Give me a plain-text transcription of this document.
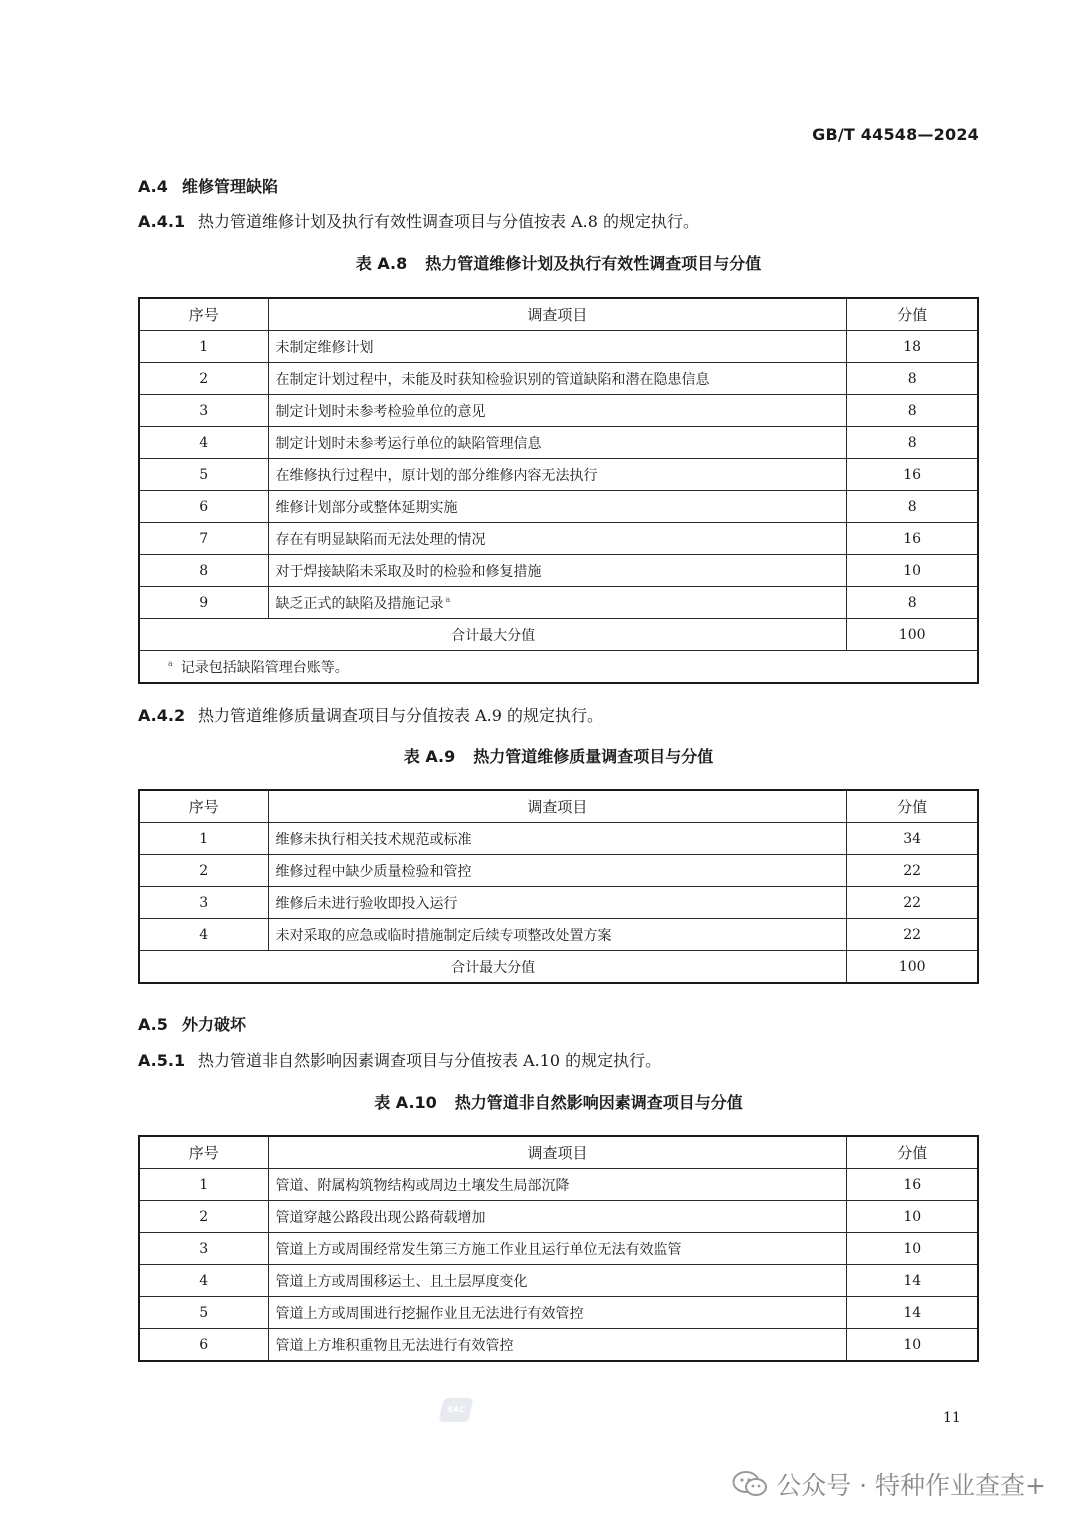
GB/T 44548—2024
A.4 维修管理缺陷
A.4.1 热力管道维修计划及执行有效性调查项目与分值按表 A.8 的规定执行。
表 A.8 热力管道维修计划及执行有效性调查项目与分值
序号	调查项目	分值
1	未制定维修计划	18
2	在制定计划过程中，未能及时获知检验识别的管道缺陷和潜在隐患信息	8
3	制定计划时未参考检验单位的意见	8
4	制定计划时未参考运行单位的缺陷管理信息	8
5	在维修执行过程中，原计划的部分维修内容无法执行	16
6	维修计划部分或整体延期实施	8
7	存在有明显缺陷而无法处理的情况	16
8	对于焊接缺陷未采取及时的检验和修复措施	10
9	缺乏正式的缺陷及措施记录 $^a$	8
合计最大分值		100
$^a$ 记录包括缺陷管理台账等。		
A.4.2 热力管道维修质量调查项目与分值按表 A.9 的规定执行。
表 A.9 热力管道维修质量调查项目与分值
序号	调查项目	分值
1	维修未执行相关技术规范或标准	34
2	维修过程中缺少质量检验和管控	22
3	维修后未进行验收即投入运行	22
4	未对采取的应急或临时措施制定后续专项整改处置方案	22
合计最大分值		100
A.5 外力破坏
A.5.1 热力管道非自然影响因素调查项目与分值按表 A.10 的规定执行。
表 A.10 热力管道非自然影响因素调查项目与分值
序号	调查项目	分值
1	管道、附属构筑物结构或周边土壤发生局部沉降	16
2	管道穿越公路段出现公路荷载增加	10
3	管道上方或周围经常发生第三方施工作业且运行单位无法有效监管	10
4	管道上方或周围移运土、且土层厚度变化	14
5	管道上方或周围进行挖掘作业且无法进行有效管控	14
6	管道上方堆积重物且无法进行有效管控	10
SAC
11
公众号 · 特种作业查查+
